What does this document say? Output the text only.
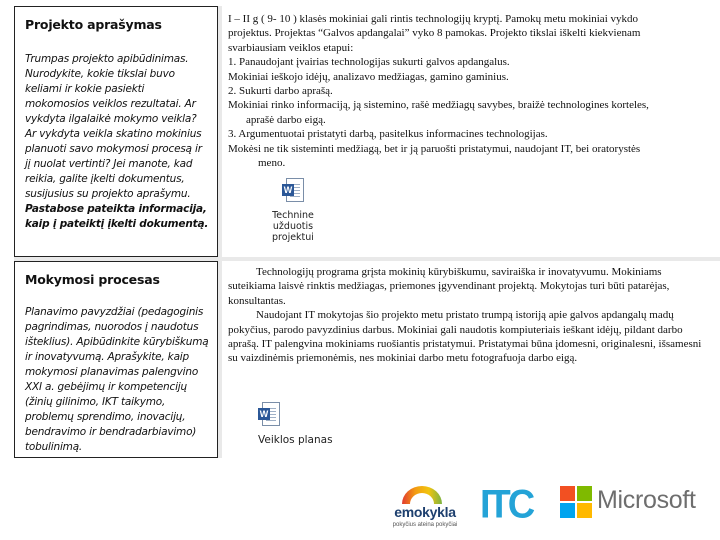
Projekto aprašymas
Trumpas projekto apibūdinimas. Nurodykite, kokie tikslai buvo keliami ir kokie pasiekti mokomosios veiklos rezultatai. Ar vykdyta ilgalaikė mokymo veikla? Ar vykdyta veikla skatino mokinius planuoti savo mokymosi procesą ir jį nuolat vertinti? Jei manote, kad reikia, galite įkelti dokumentus, susijusius su projekto aprašymu. Pastabose pateikta informacija, kaip į pateiktį įkelti dokumentą.

I – II g ( 9- 10 ) klasės mokiniai gali rintis technologijų kryptį. Pamokų metu mokiniai vykdo

projektus. Projektas “Galvos apdangalai” vyko 8 pamokas. Projekto tikslai iškelti kiekvienam

svarbiausiam veiklos etapui:

1. Panaudojant įvairias technologijas sukurti galvos apdangalus.

Mokiniai ieškojo idėjų, analizavo medžiagas, gamino gaminius.

2. Sukurti darbo aprašą.

Mokiniai rinko informaciją, ją sistemino, rašė medžiagų savybes, braižė technologines korteles,

aprašė darbo eigą.

3. Argumentuotai pristatyti darbą, pasitelkus informacines technologijas.

Mokėsi ne tik sisteminti medžiagą, bet ir ją paruošti pristatymui, naudojant IT, bei oratorystės

meno.

W
Technine užduotis projektui
Mokymosi procesas
Planavimo pavyzdžiai (pedagoginis pagrindimas, nuorodos į naudotus išteklius). Apibūdinkite kūrybiškumą ir inovatyvumą. Aprašykite, kaip mokymosi planavimas palengvino XXI a. gebėjimų ir kompetencijų (žinių gilinimo, IKT taikymo, problemų sprendimo, inovacijų, bendravimo ir bendradarbiavimo) tobulinimą.

Technologijų programa grįsta mokinių kūrybiškumu, saviraiška ir inovatyvumu. Mokiniams suteikiama laisvė rinktis medžiagas, priemones įgyvendinant projektą. Mokytojas turi būti patarėjas, konsultantas.

Naudojant IT mokytojas šio projekto metu pristato trumpą istoriją apie galvos apdangalų madų pokyčius, parodo pavyzdinius darbus. Mokiniai gali naudotis kompiuteriais ieškant idėjų, pildant darbo aprašą. IT palengvina mokiniams ruošiantis pristatymui. Pristatymai būna įdomesni, originalesni, išsamesni su vaizdinėmis priemonėmis, nes mokiniai darbo metu fotografuoja darbo eigą.

W
Veiklos planas
emokykla
pokyčius ateina pokyčiai ITC	Microsoft
